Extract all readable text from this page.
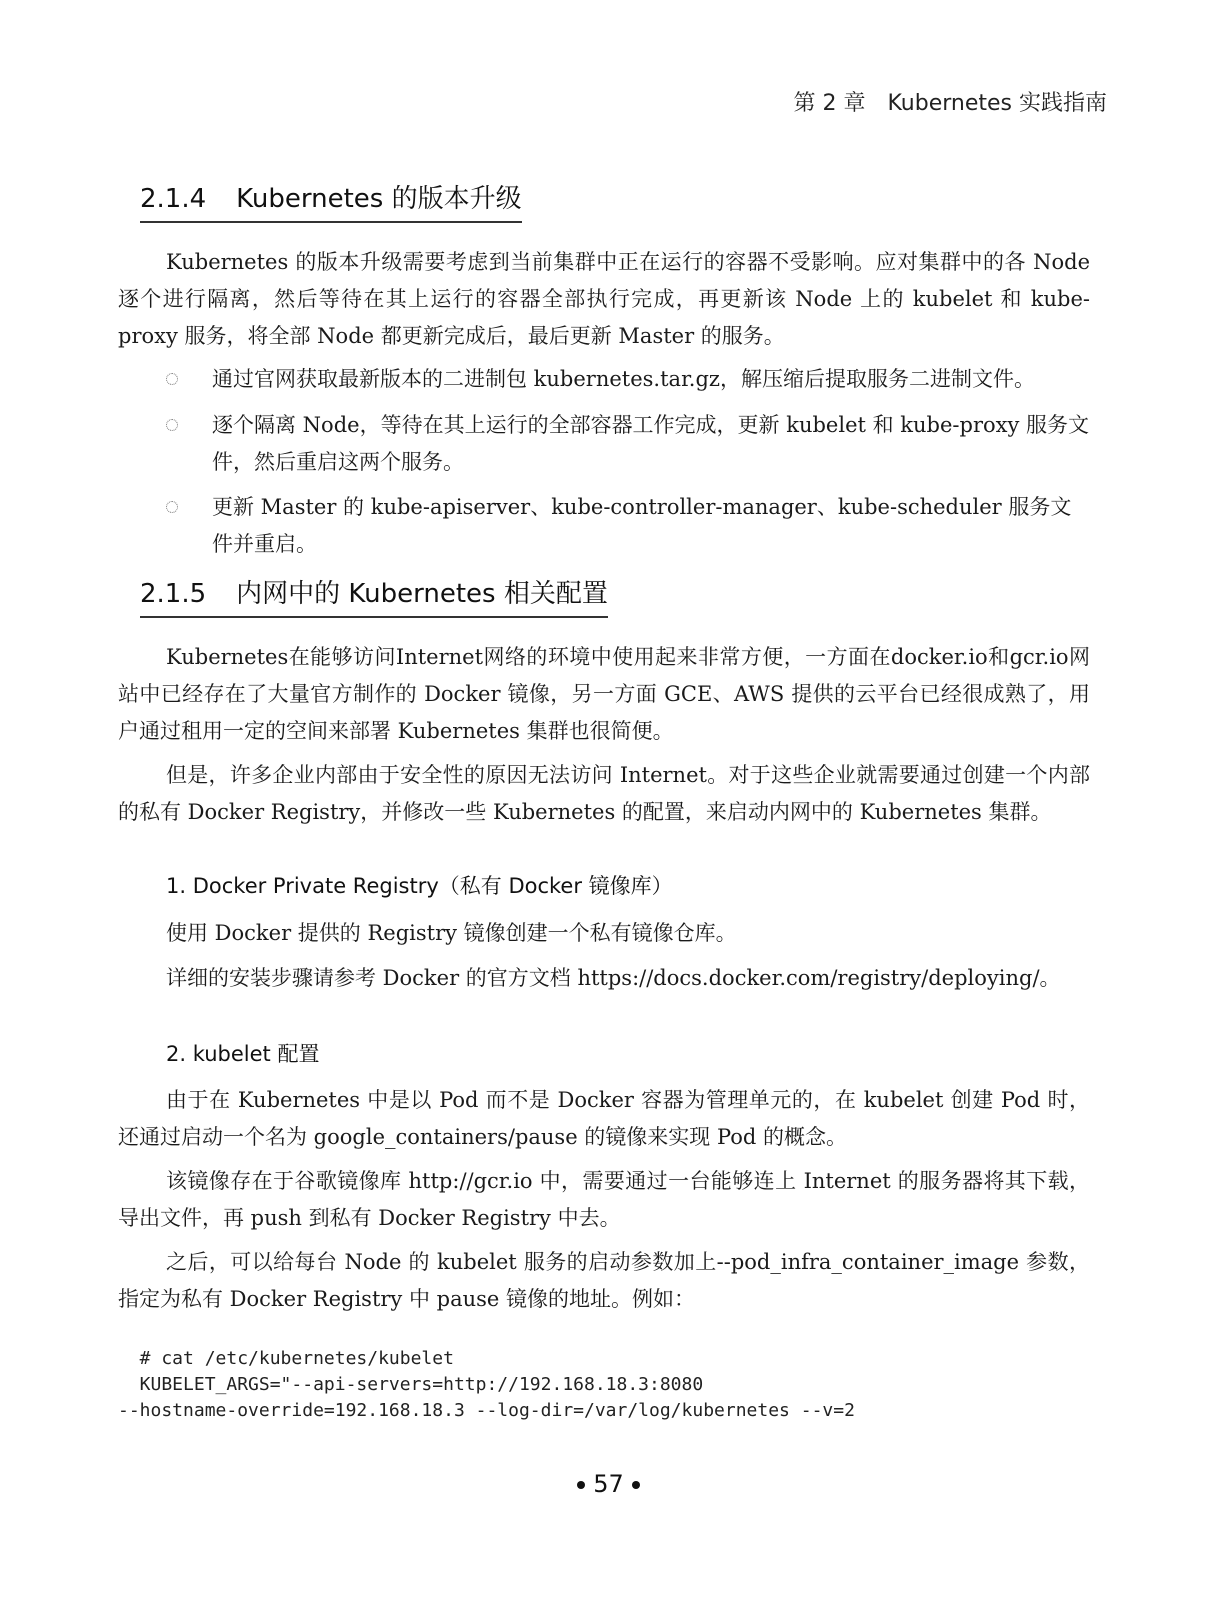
第 2 章　Kubernetes 实践指南
2.1.4 Kubernetes 的版本升级
Kubernetes 的版本升级需要考虑到当前集群中正在运行的容器不受影响。应对集群中的各 Node 逐个进行隔离，然后等待在其上运行的容器全部执行完成，再更新该 Node 上的 kubelet 和 kube-proxy 服务，将全部 Node 都更新完成后，最后更新 Master 的服务。
通过官网获取最新版本的二进制包 kubernetes.tar.gz，解压缩后提取服务二进制文件。
逐个隔离 Node，等待在其上运行的全部容器工作完成，更新 kubelet 和 kube-proxy 服务文件，然后重启这两个服务。
更新 Master 的 kube-apiserver、kube-controller-manager、kube-scheduler 服务文件并重启。
2.1.5 内网中的 Kubernetes 相关配置
Kubernetes在能够访问Internet网络的环境中使用起来非常方便，一方面在docker.io和gcr.io网站中已经存在了大量官方制作的 Docker 镜像，另一方面 GCE、AWS 提供的云平台已经很成熟了，用户通过租用一定的空间来部署 Kubernetes 集群也很简便。
但是，许多企业内部由于安全性的原因无法访问 Internet。对于这些企业就需要通过创建一个内部的私有 Docker Registry，并修改一些 Kubernetes 的配置，来启动内网中的 Kubernetes 集群。
1. Docker Private Registry（私有 Docker 镜像库）
使用 Docker 提供的 Registry 镜像创建一个私有镜像仓库。
详细的安装步骤请参考 Docker 的官方文档 https://docs.docker.com/registry/deploying/。
2. kubelet 配置
由于在 Kubernetes 中是以 Pod 而不是 Docker 容器为管理单元的，在 kubelet 创建 Pod 时，还通过启动一个名为 google_containers/pause 的镜像来实现 Pod 的概念。
该镜像存在于谷歌镜像库 http://gcr.io 中，需要通过一台能够连上 Internet 的服务器将其下载，导出文件，再 push 到私有 Docker Registry 中去。
之后，可以给每台 Node 的 kubelet 服务的启动参数加上--pod_infra_container_image 参数，指定为私有 Docker Registry 中 pause 镜像的地址。例如：

# cat /etc/kubernetes/kubelet
KUBELET_ARGS="--api-servers=http://192.168.18.3:8080
--hostname-override=192.168.18.3 --log-dir=/var/log/kubernetes --v=2

57
